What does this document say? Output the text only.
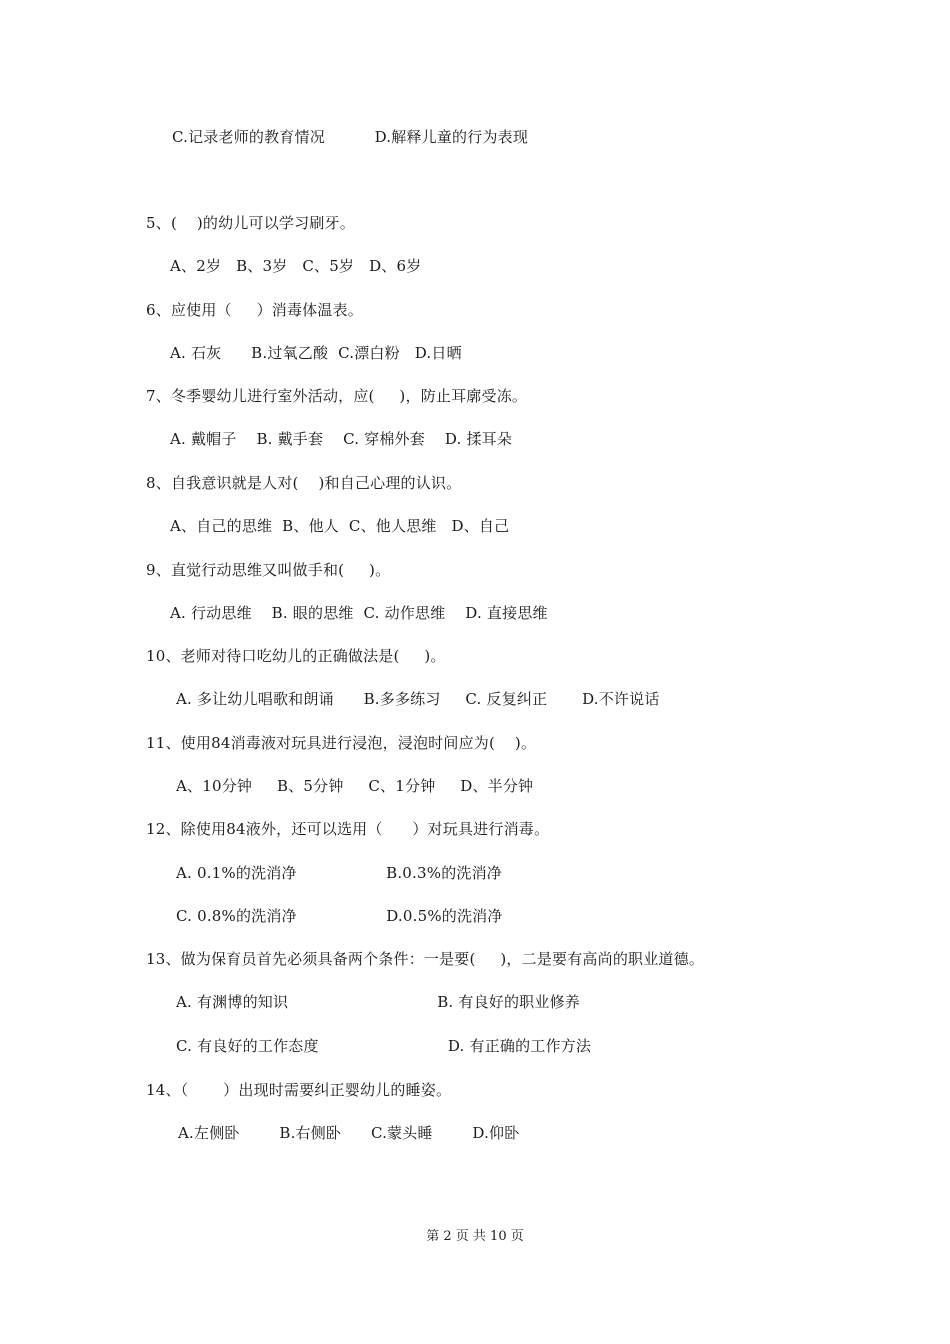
C.记录老师的教育情况          D.解释儿童的行为表现
5、(    )的幼儿可以学习刷牙。
A、2岁   B、3岁   C、5岁   D、6岁
6、应使用（     ）消毒体温表。
A. 石灰      B.过氧乙酸  C.漂白粉   D.日晒
7、冬季婴幼儿进行室外活动，应(     )，防止耳廓受冻。
A. 戴帽子    B. 戴手套    C. 穿棉外套    D. 揉耳朵
8、自我意识就是人对(    )和自己心理的认识。
A、自己的思维  B、他人  C、他人思维   D、自己
9、直觉行动思维又叫做手和(     )。
A. 行动思维    B. 眼的思维  C. 动作思维    D. 直接思维
10、老师对待口吃幼儿的正确做法是(     )。
A. 多让幼儿唱歌和朗诵      B.多多练习     C. 反复纠正       D.不许说话
11、使用84消毒液对玩具进行浸泡，浸泡时间应为(    )。
A、10分钟     B、5分钟     C、1分钟     D、半分钟
12、除使用84液外，还可以选用（      ）对玩具进行消毒。
A. 0.1%的洗消净                  B.0.3%的洗消净
C. 0.8%的洗消净                  D.0.5%的洗消净
13、做为保育员首先必须具备两个条件：一是要(     )，二是要有高尚的职业道德。
A. 有渊博的知识                              B. 有良好的职业修养
C. 有良好的工作态度                          D. 有正确的工作方法
14、（       ）出现时需要纠正婴幼儿的睡姿。
A.左侧卧        B.右侧卧      C.蒙头睡        D.仰卧
第 2 页 共 10 页
